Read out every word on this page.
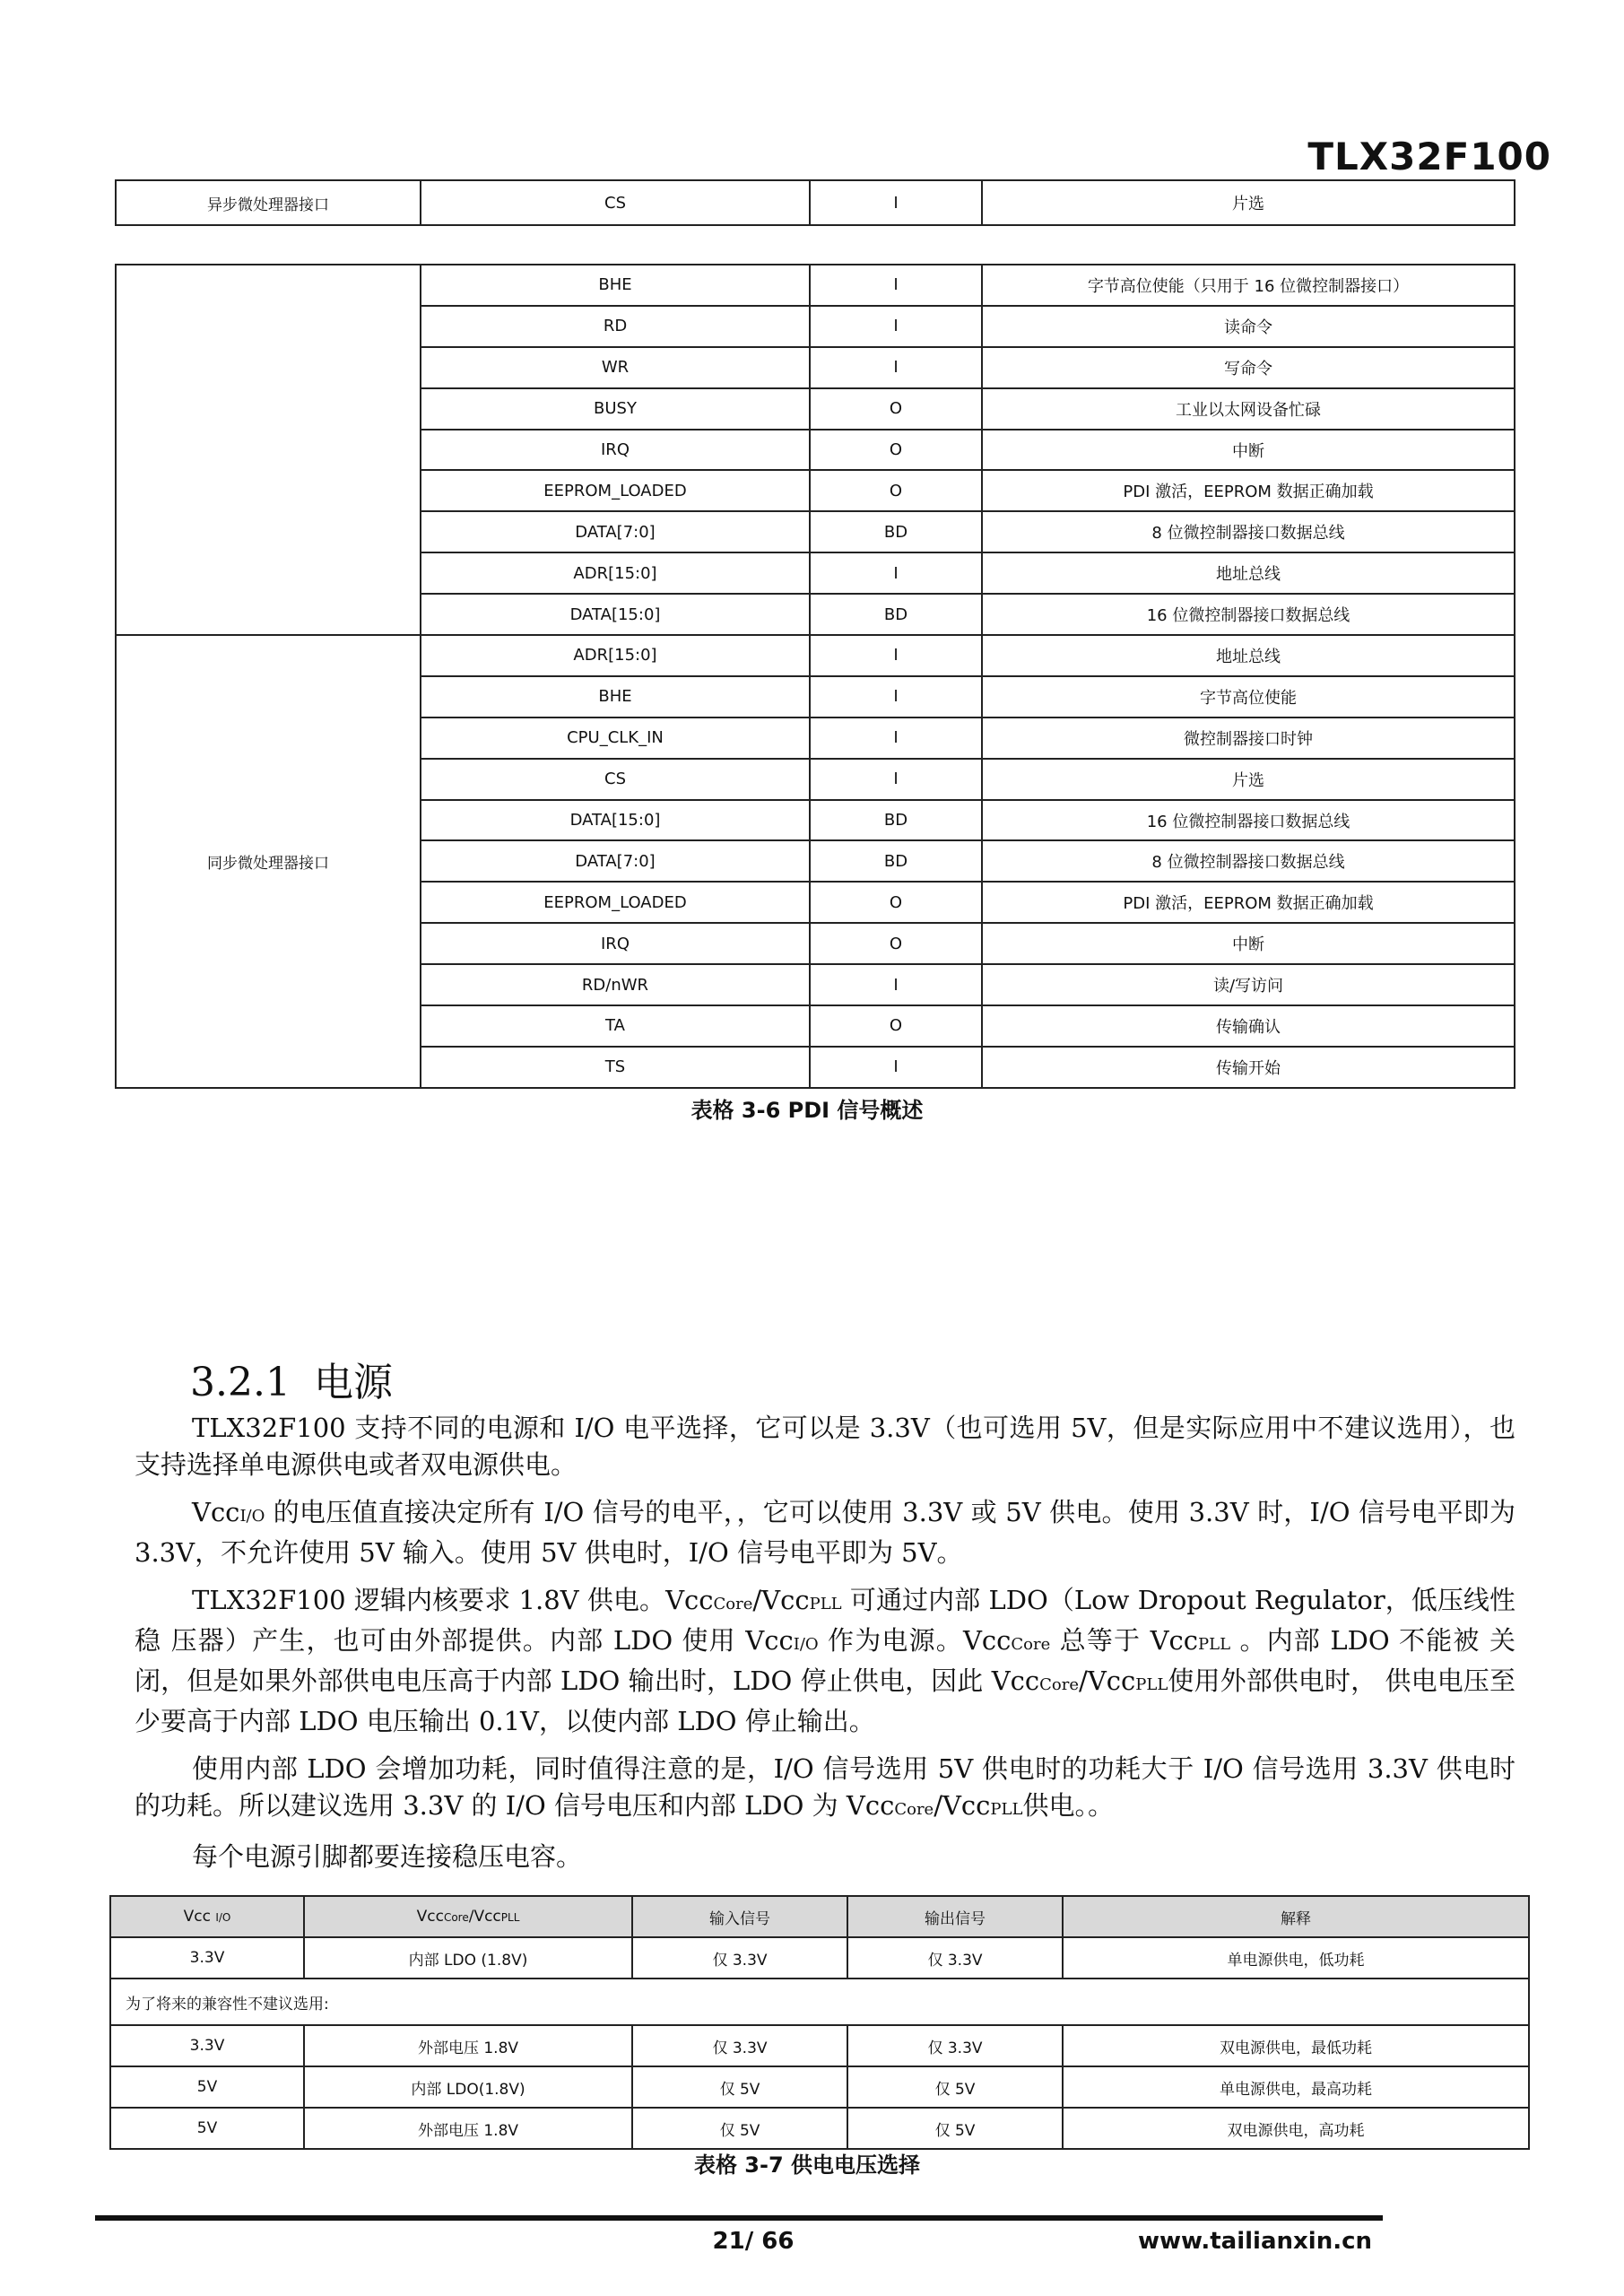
TLX32F100
异步微处理器接口	CS	I	片选
	BHE	I	字节高位使能（只用于 16 位微控制器接口）
	RD	I	读命令
	WR	I	写命令
	BUSY	O	工业以太网设备忙碌
	IRQ	O	中断
	EEPROM_LOADED	O	PDI 激活，EEPROM 数据正确加载
	DATA[7:0]	BD	8 位微控制器接口数据总线
	ADR[15:0]	I	地址总线
	DATA[15:0]	BD	16 位微控制器接口数据总线
同步微处理器接口	ADR[15:0]	I	地址总线
	BHE	I	字节高位使能
	CPU_CLK_IN	I	微控制器接口时钟
	CS	I	片选
	DATA[15:0]	BD	16 位微控制器接口数据总线
	DATA[7:0]	BD	8 位微控制器接口数据总线
	EEPROM_LOADED	O	PDI 激活，EEPROM 数据正确加载
	IRQ	O	中断
	RD/nWR	I	读/写访问
	TA	O	传输确认
	TS	I	传输开始
表格 3-6 PDI 信号概述
3.2.1 电源

TLX32F100 支持不同的电源和 I/O 电平选择，它可以是 3.3V（也可选用 5V，但是实际应用中不建议选用），也支持选择单电源供电或者双电源供电。

VccI/O 的电压值直接决定所有 I/O 信号的电平，，它可以使用 3.3V 或 5V 供电。使用 3.3V 时，I/O 信号电平即为 3.3V，不允许使用 5V 输入。使用 5V 供电时，I/O 信号电平即为 5V。

TLX32F100 逻辑内核要求 1.8V 供电。VccCore/VccPLL 可通过内部 LDO（Low Dropout Regulator，低压线性稳 压器）产生，也可由外部提供。内部 LDO 使用 VccI/O 作为电源。VccCore 总等于 VccPLL 。内部 LDO 不能被 关闭，但是如果外部供电电压高于内部 LDO 输出时，LDO 停止供电，因此 VccCore/VccPLL使用外部供电时， 供电电压至少要高于内部 LDO 电压输出 0.1V，以使内部 LDO 停止输出。

使用内部 LDO 会增加功耗，同时值得注意的是，I/O 信号选用 5V 供电时的功耗大于 I/O 信号选用 3.3V 供电时的功耗。所以建议选用 3.3V 的 I/O 信号电压和内部 LDO 为 VccCore/VccPLL供电。。

每个电源引脚都要连接稳压电容。

Vcc I/O	VccCore/VccPLL	输入信号	输出信号	解释
3.3V	内部 LDO (1.8V)	仅 3.3V	仅 3.3V	单电源供电，低功耗
为了将来的兼容性不建议选用:				
3.3V	外部电压 1.8V	仅 3.3V	仅 3.3V	双电源供电，最低功耗
5V	内部 LDO(1.8V)	仅 5V	仅 5V	单电源供电，最高功耗
5V	外部电压 1.8V	仅 5V	仅 5V	双电源供电，高功耗
表格 3-7 供电电压选择
21/ 66	www.tailianxin.cn
